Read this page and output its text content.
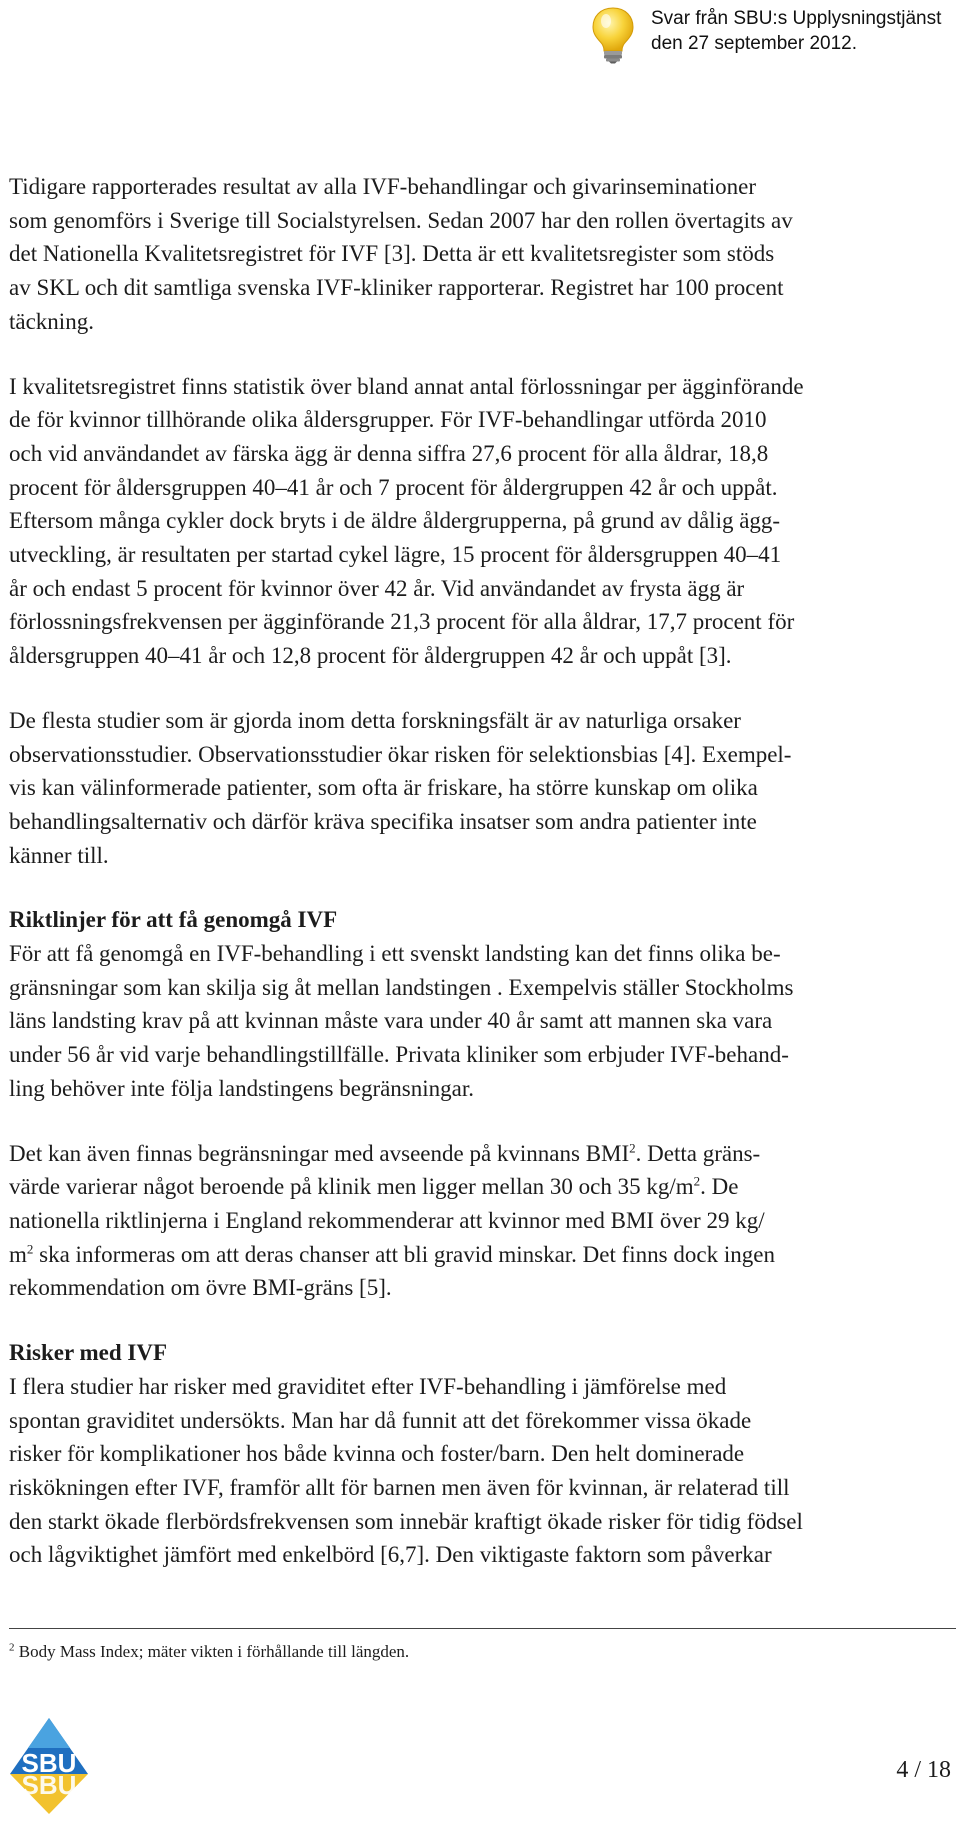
Svar från SBU:s Upplysningstjänst
den 27 september 2012.
Tidigare rapporterades resultat av alla IVF-behandlingar och givarinseminationer
som genomförs i Sverige till Socialstyrelsen. Sedan 2007 har den rollen övertagits av
det Nationella Kvalitetsregistret för IVF [3]. Detta är ett kvalitetsregister som stöds
av SKL och dit samtliga svenska IVF-kliniker rapporterar. Registret har 100 procent
täckning.
I kvalitetsregistret finns statistik över bland annat antal förlossningar per ägginförande
de för kvinnor tillhörande olika åldersgrupper. För IVF-behandlingar utförda 2010
och vid användandet av färska ägg är denna siffra 27,6 procent för alla åldrar, 18,8
procent för åldersgruppen 40–41 år och 7 procent för åldergruppen 42 år och uppåt.
Eftersom många cykler dock bryts i de äldre åldergrupperna, på grund av dålig ägg-
utveckling, är resultaten per startad cykel lägre, 15 procent för åldersgruppen 40–41
år och endast 5 procent för kvinnor över 42 år. Vid användandet av frysta ägg är
förlossningsfrekvensen per ägginförande 21,3 procent för alla åldrar, 17,7 procent för
åldersgruppen 40–41 år och 12,8 procent för åldergruppen 42 år och uppåt [3].
De flesta studier som är gjorda inom detta forskningsfält är av naturliga orsaker
observationsstudier. Observationsstudier ökar risken för selektionsbias [4]. Exempel-
vis kan välinformerade patienter, som ofta är friskare, ha större kunskap om olika
behandlingsalternativ och därför kräva specifika insatser som andra patienter inte
känner till.
Riktlinjer för att få genomgå IVF
För att få genomgå en IVF-behandling i ett svenskt landsting kan det finns olika be-
gränsningar som kan skilja sig åt mellan landstingen . Exempelvis ställer Stockholms
läns landsting krav på att kvinnan måste vara under 40 år samt att mannen ska vara
under 56 år vid varje behandlingstillfälle. Privata kliniker som erbjuder IVF-behand-
ling behöver inte följa landstingens begränsningar.
Det kan även finnas begränsningar med avseende på kvinnans BMI$^2$. Detta gräns-
värde varierar något beroende på klinik men ligger mellan 30 och 35 $kg/m^2$. De
nationella riktlinjerna i England rekommenderar att kvinnor med BMI över 29 kg/
$m^2$ ska informeras om att deras chanser att bli gravid minskar. Det finns dock ingen
rekommendation om övre BMI-gräns [5].
Risker med IVF
I flera studier har risker med graviditet efter IVF-behandling i jämförelse med
spontan graviditet undersökts. Man har då funnit att det förekommer vissa ökade
risker för komplikationer hos både kvinna och foster/barn. Den helt dominerade
riskökningen efter IVF, framför allt för barnen men även för kvinnan, är relaterad till
den starkt ökade flerbördsfrekvensen som innebär kraftigt ökade risker för tidig födsel
och lågviktighet jämfört med enkelbörd [6,7]. Den viktigaste faktorn som påverkar
$^2$ Body Mass Index; mäter vikten i förhållande till längden.
SBU
SBU	4 / 18
